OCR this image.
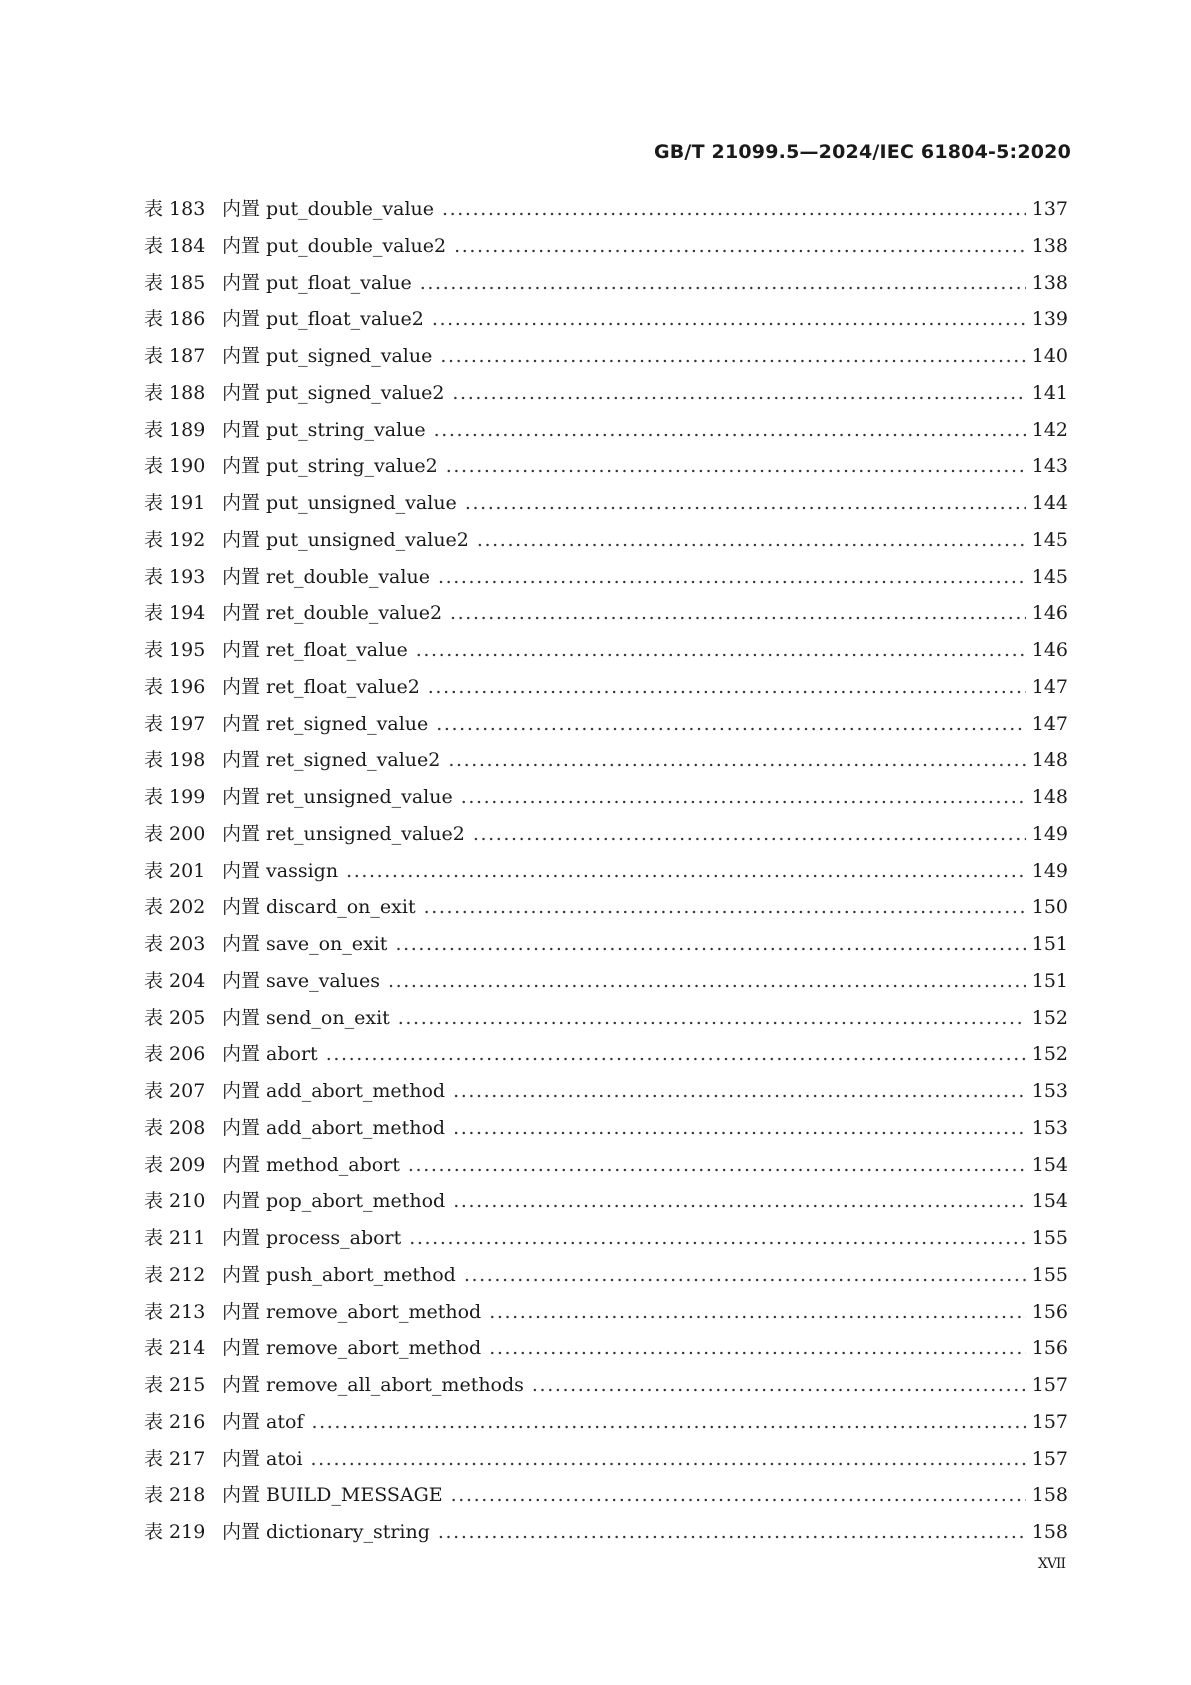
GB/T 21099.5—2024/IEC 61804-5:2020
表 183 内置 put_double_value .....	137
表 184 内置 put_double_value2 .....	138
表 185 内置 put_float_value .....	138
表 186 内置 put_float_value2 .....	139
表 187 内置 put_signed_value .....	140
表 188 内置 put_signed_value2 .....	141
表 189 内置 put_string_value .....	142
表 190 内置 put_string_value2 .....	143
表 191 内置 put_unsigned_value .....	144
表 192 内置 put_unsigned_value2 .....	145
表 193 内置 ret_double_value .....	145
表 194 内置 ret_double_value2 .....	146
表 195 内置 ret_float_value .....	146
表 196 内置 ret_float_value2 .....	147
表 197 内置 ret_signed_value .....	147
表 198 内置 ret_signed_value2 .....	148
表 199 内置 ret_unsigned_value .....	148
表 200 内置 ret_unsigned_value2 .....	149
表 201 内置 vassign .....	149
表 202 内置 discard_on_exit .....	150
表 203 内置 save_on_exit .....	151
表 204 内置 save_values .....	151
表 205 内置 send_on_exit .....	152
表 206 内置 abort .....	152
表 207 内置 add_abort_method .....	153
表 208 内置 add_abort_method .....	153
表 209 内置 method_abort .....	154
表 210 内置 pop_abort_method .....	154
表 211 内置 process_abort .....	155
表 212 内置 push_abort_method .....	155
表 213 内置 remove_abort_method .....	156
表 214 内置 remove_abort_method .....	156
表 215 内置 remove_all_abort_methods .....	157
表 216 内置 atof .....	157
表 217 内置 atoi .....	157
表 218 内置 BUILD_MESSAGE .....	158
表 219 内置 dictionary_string .....	158
XVII
